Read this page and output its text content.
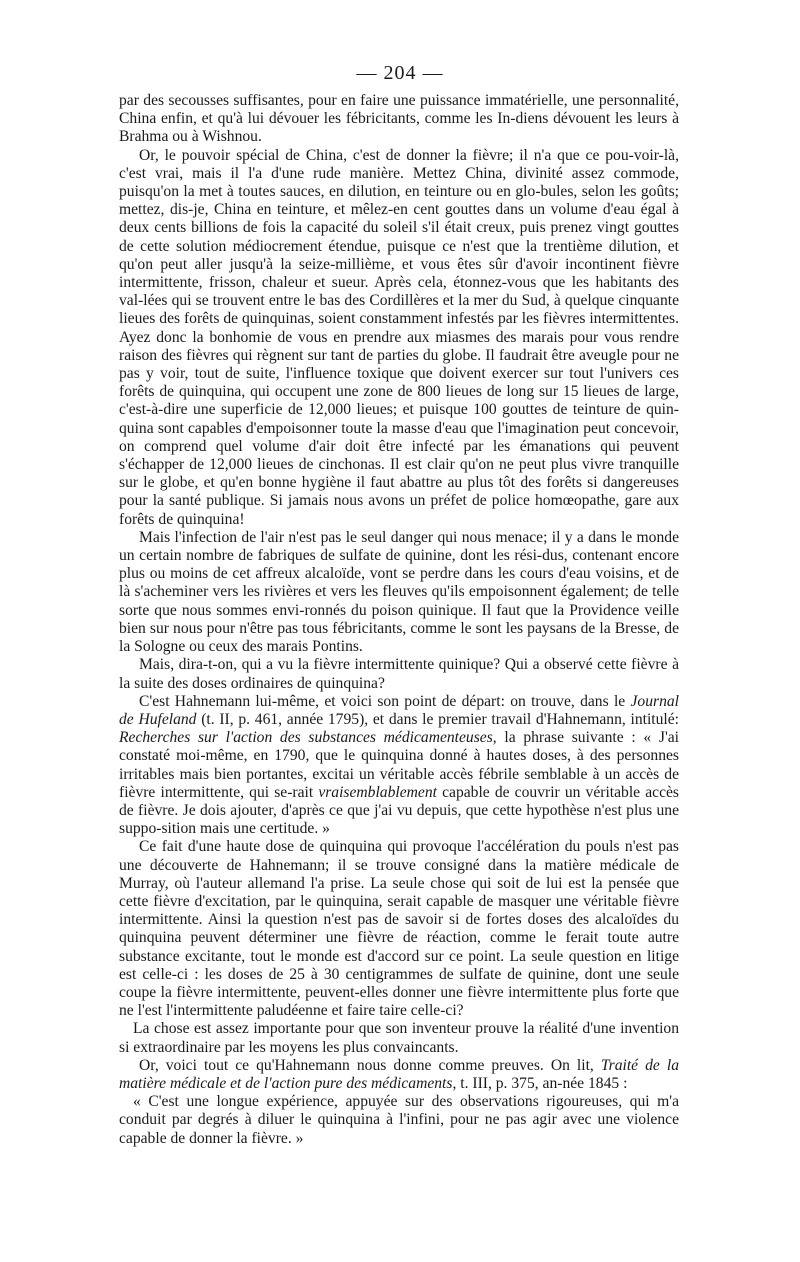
— 204 —

par des secousses suffisantes, pour en faire une puissance immatérielle, une personnalité, China enfin, et qu'à lui dévouer les fébricitants, comme les In-diens dévouent les leurs à Brahma ou à Wishnou.

Or, le pouvoir spécial de China, c'est de donner la fièvre; il n'a que ce pou-voir-là, c'est vrai, mais il l'a d'une rude manière. Mettez China, divinité assez commode, puisqu'on la met à toutes sauces, en dilution, en teinture ou en glo-bules, selon les goûts; mettez, dis-je, China en teinture, et mêlez-en cent gouttes dans un volume d'eau égal à deux cents billions de fois la capacité du soleil s'il était creux, puis prenez vingt gouttes de cette solution médiocrement étendue, puisque ce n'est que la trentième dilution, et qu'on peut aller jusqu'à la seize-millième, et vous êtes sûr d'avoir incontinent fièvre intermittente, frisson, chaleur et sueur. Après cela, étonnez-vous que les habitants des val-lées qui se trouvent entre le bas des Cordillères et la mer du Sud, à quelque cinquante lieues des forêts de quinquinas, soient constamment infestés par les fièvres intermittentes. Ayez donc la bonhomie de vous en prendre aux miasmes des marais pour vous rendre raison des fièvres qui règnent sur tant de parties du globe. Il faudrait être aveugle pour ne pas y voir, tout de suite, l'influence toxique que doivent exercer sur tout l'univers ces forêts de quinquina, qui occupent une zone de 800 lieues de long sur 15 lieues de large, c'est-à-dire une superficie de 12,000 lieues; et puisque 100 gouttes de teinture de quin-quina sont capables d'empoisonner toute la masse d'eau que l'imagination peut concevoir, on comprend quel volume d'air doit être infecté par les émanations qui peuvent s'échapper de 12,000 lieues de cinchonas. Il est clair qu'on ne peut plus vivre tranquille sur le globe, et qu'en bonne hygiène il faut abattre au plus tôt des forêts si dangereuses pour la santé publique. Si jamais nous avons un préfet de police homœopathe, gare aux forêts de quinquina!

Mais l'infection de l'air n'est pas le seul danger qui nous menace; il y a dans le monde un certain nombre de fabriques de sulfate de quinine, dont les rési-dus, contenant encore plus ou moins de cet affreux alcaloïde, vont se perdre dans les cours d'eau voisins, et de là s'acheminer vers les rivières et vers les fleuves qu'ils empoisonnent également; de telle sorte que nous sommes envi-ronnés du poison quinique. Il faut que la Providence veille bien sur nous pour n'être pas tous fébricitants, comme le sont les paysans de la Bresse, de la Sologne ou ceux des marais Pontins.

Mais, dira-t-on, qui a vu la fièvre intermittente quinique? Qui a observé cette fièvre à la suite des doses ordinaires de quinquina?

C'est Hahnemann lui-même, et voici son point de départ: on trouve, dans le Journal de Hufeland (t. II, p. 461, année 1795), et dans le premier travail d'Hahnemann, intitulé: Recherches sur l'action des substances médicamenteuses, la phrase suivante : « J'ai constaté moi-même, en 1790, que le quinquina donné à hautes doses, à des personnes irritables mais bien portantes, excitai un véritable accès fébrile semblable à un accès de fièvre intermittente, qui se-rait vraisemblablement capable de couvrir un véritable accès de fièvre. Je dois ajouter, d'après ce que j'ai vu depuis, que cette hypothèse n'est plus une suppo-sition mais une certitude. »

Ce fait d'une haute dose de quinquina qui provoque l'accélération du pouls n'est pas une découverte de Hahnemann; il se trouve consigné dans la matière médicale de Murray, où l'auteur allemand l'a prise. La seule chose qui soit de lui est la pensée que cette fièvre d'excitation, par le quinquina, serait capable de masquer une véritable fièvre intermittente. Ainsi la question n'est pas de savoir si de fortes doses des alcaloïdes du quinquina peuvent déterminer une fièvre de réaction, comme le ferait toute autre substance excitante, tout le monde est d'accord sur ce point. La seule question en litige est celle-ci : les doses de 25 à 30 centigrammes de sulfate de quinine, dont une seule coupe la fièvre intermittente, peuvent-elles donner une fièvre intermittente plus forte que ne l'est l'intermittente paludéenne et faire taire celle-ci?

La chose est assez importante pour que son inventeur prouve la réalité d'une invention si extraordinaire par les moyens les plus convaincants.

Or, voici tout ce qu'Hahnemann nous donne comme preuves. On lit, Traité de la matière médicale et de l'action pure des médicaments, t. III, p. 375, an-née 1845 :

« C'est une longue expérience, appuyée sur des observations rigoureuses, qui m'a conduit par degrés à diluer le quinquina à l'infini, pour ne pas agir avec une violence capable de donner la fièvre. »
